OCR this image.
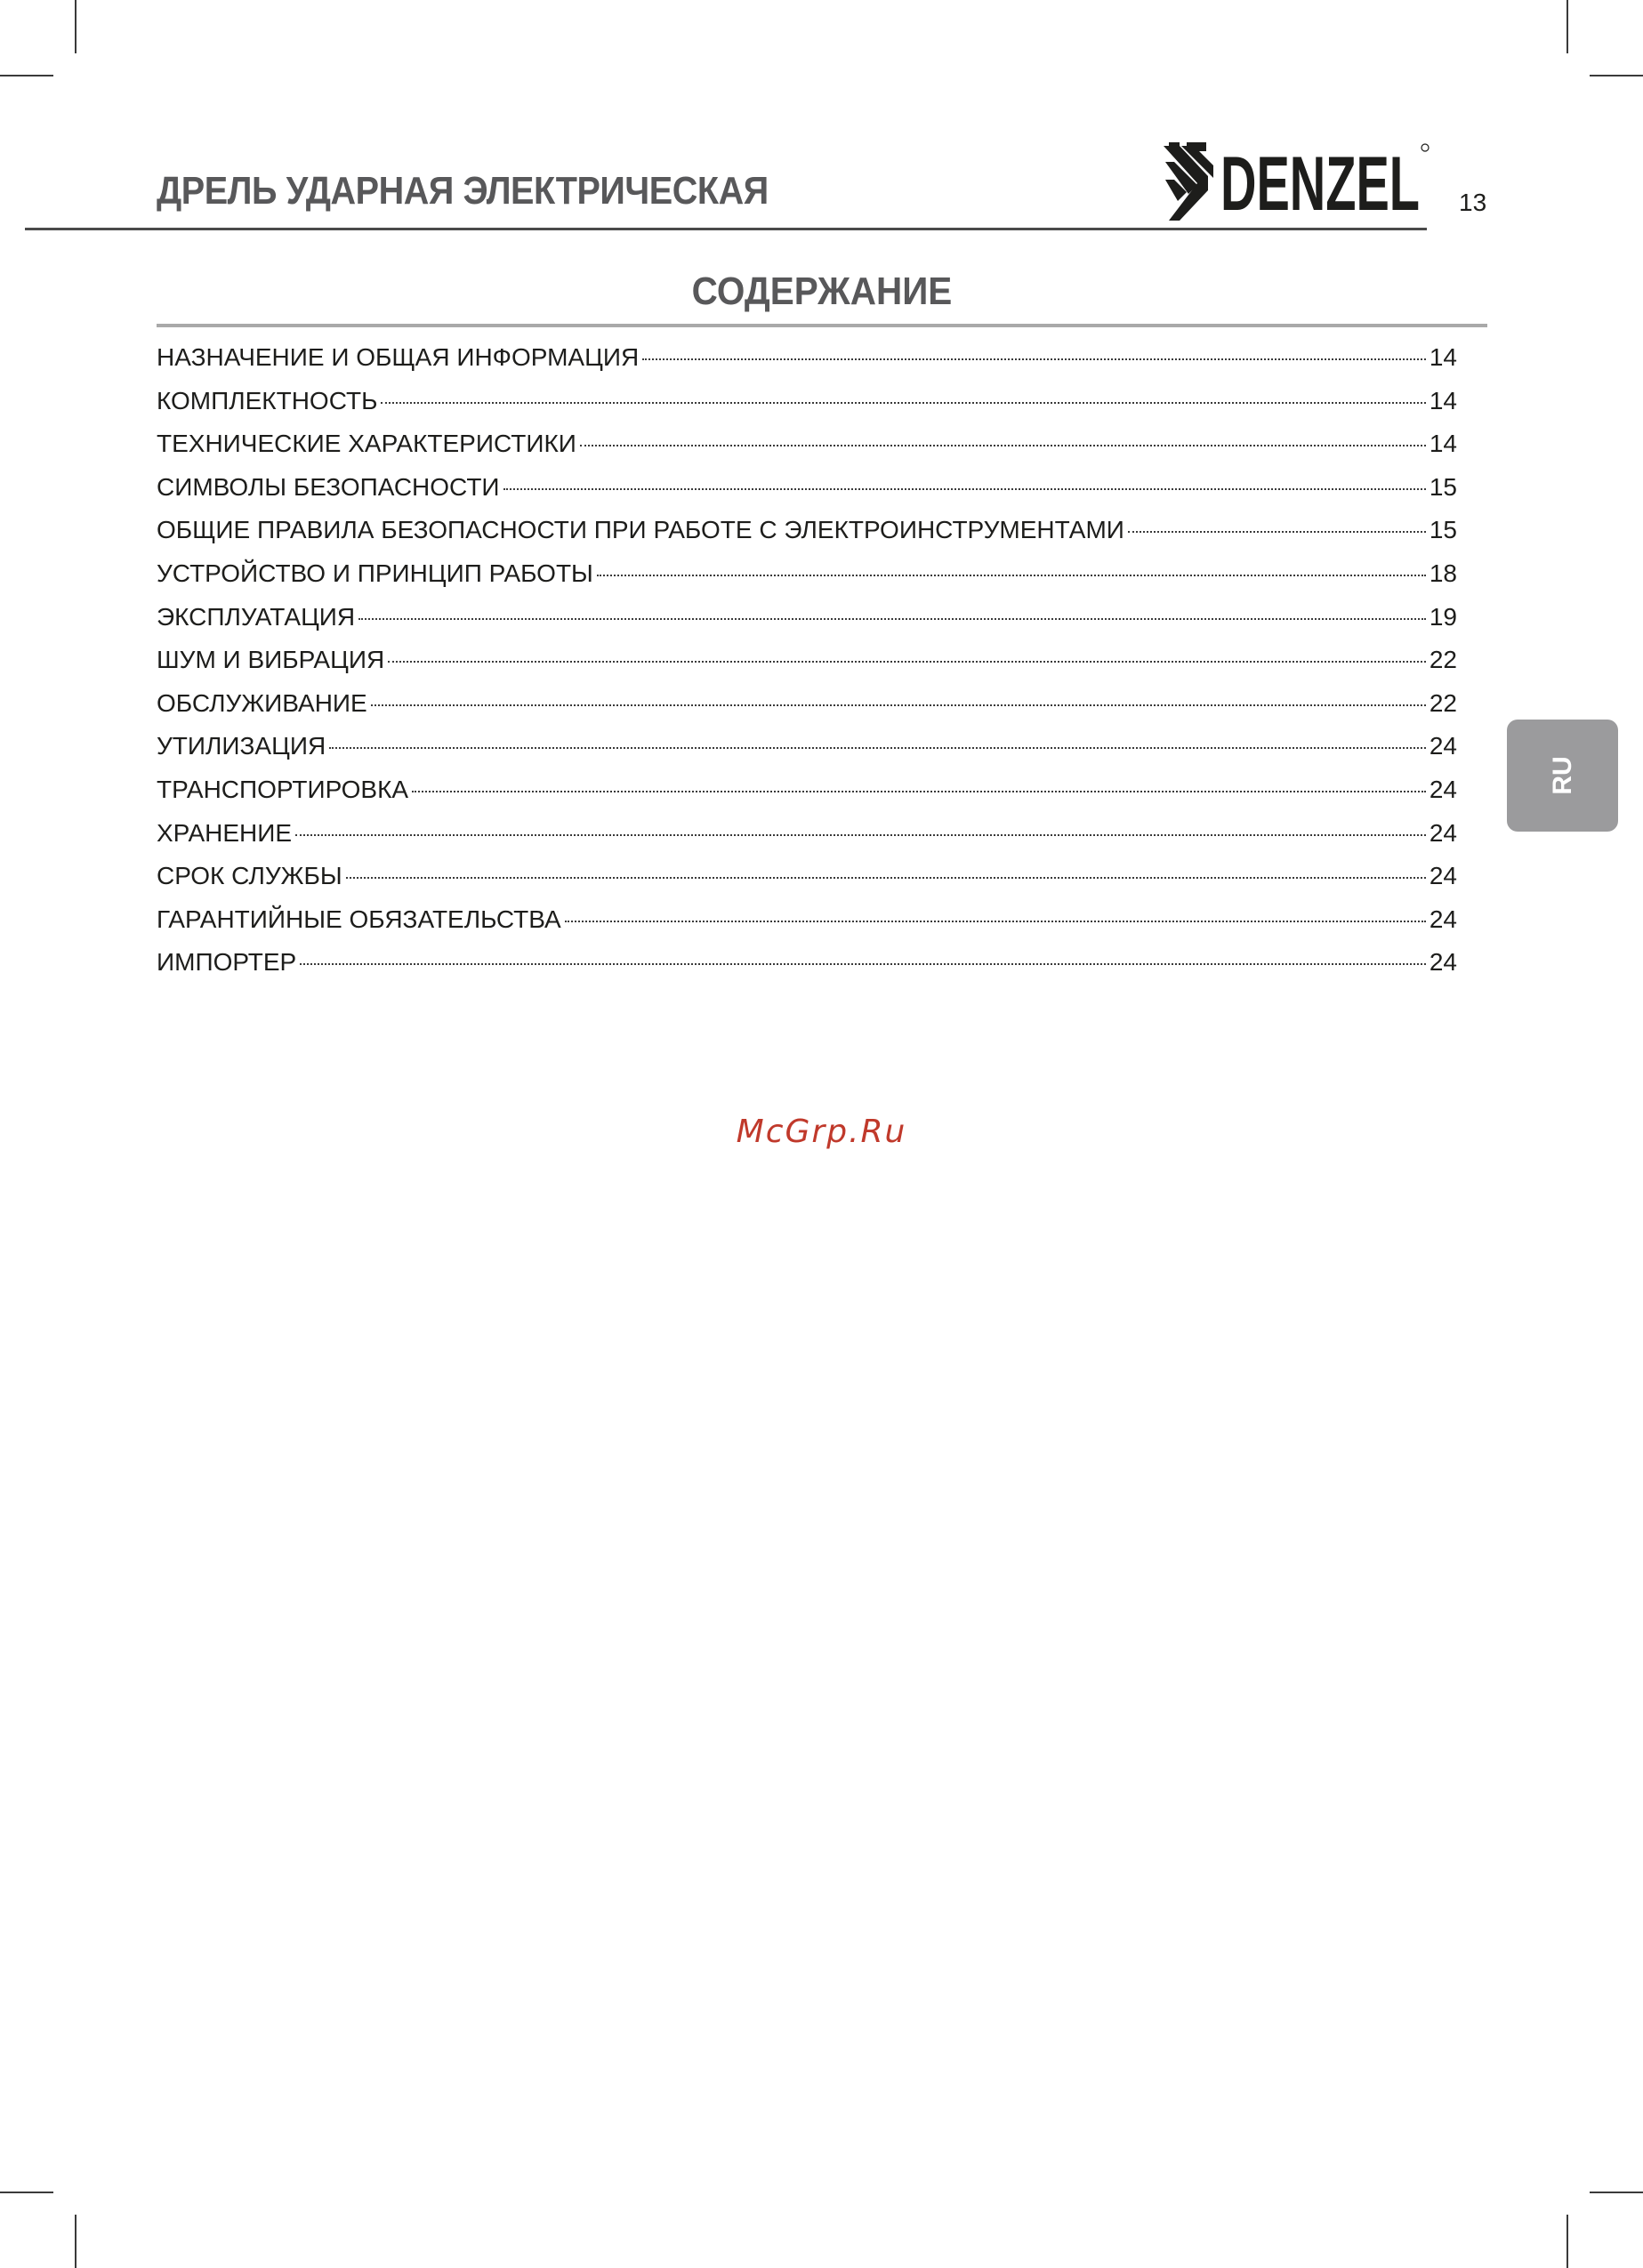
ДРЕЛЬ УДАРНАЯ ЭЛЕКТРИЧЕСКАЯ	DENZEL 13
СОДЕРЖАНИЕ
НАЗНАЧЕНИЕ И ОБЩАЯ ИНФОРМАЦИЯ	14
КОМПЛЕКТНОСТЬ	14
ТЕХНИЧЕСКИЕ ХАРАКТЕРИСТИКИ	14
СИМВОЛЫ БЕЗОПАСНОСТИ	15
ОБЩИЕ ПРАВИЛА БЕЗОПАСНОСТИ ПРИ РАБОТЕ С ЭЛЕКТРОИНСТРУМЕНТАМИ	15
УСТРОЙСТВО И ПРИНЦИП РАБОТЫ	18
ЭКСПЛУАТАЦИЯ	19
ШУМ И ВИБРАЦИЯ	22
ОБСЛУЖИВАНИЕ	22
УТИЛИЗАЦИЯ	24
ТРАНСПОРТИРОВКА	24
ХРАНЕНИЕ	24
СРОК СЛУЖБЫ	24
ГАРАНТИЙНЫЕ ОБЯЗАТЕЛЬСТВА	24
ИМПОРТЕР	24
RU
McGrp.Ru
